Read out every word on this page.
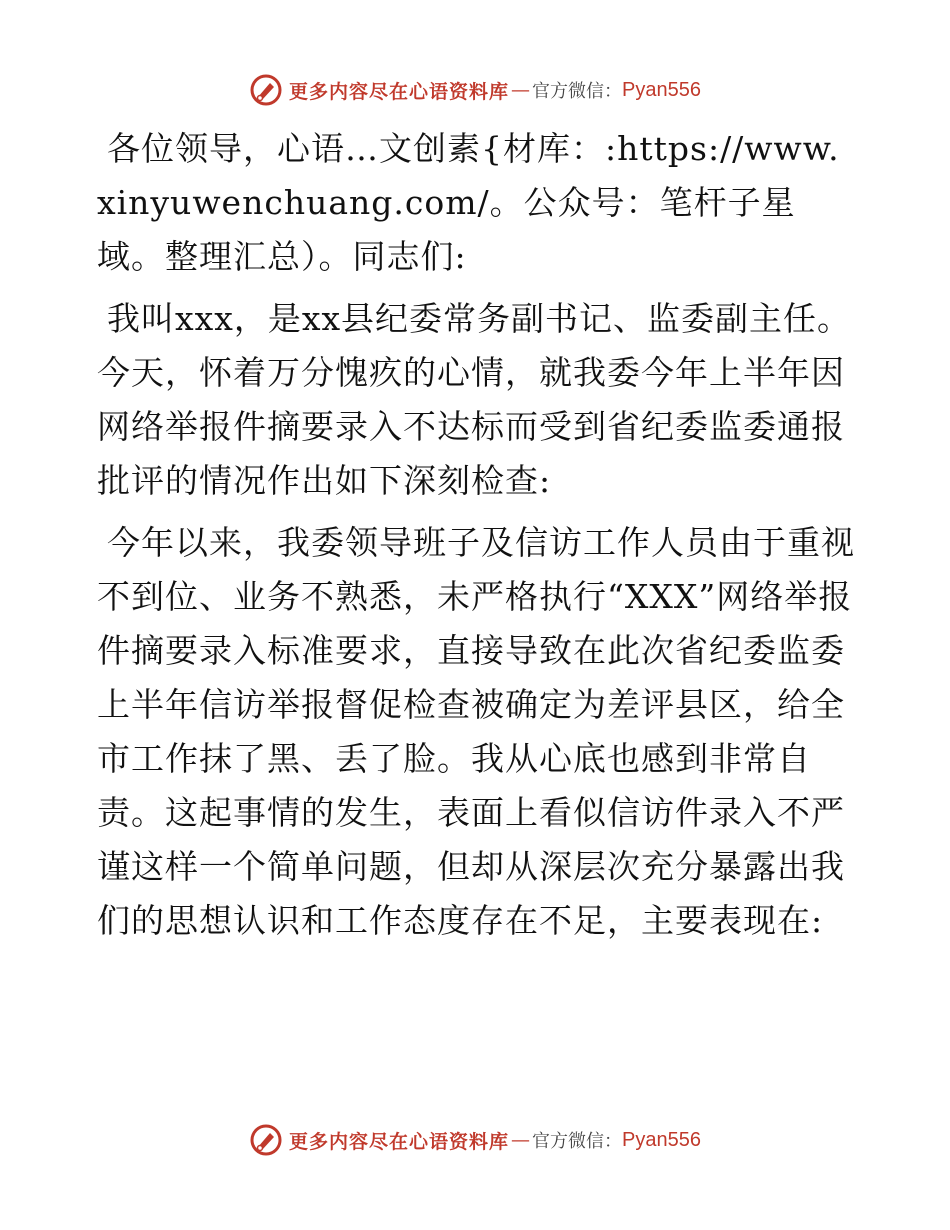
更多内容尽在心语资料库 — 官方微信： Pyan556

各位领导，心语…文创素{材库：:https://www.xinyuwenchuang.com/。公众号：笔杆子星域。整理汇总）。同志们:

我叫xxx，是xx县纪委常务副书记、监委副主任。今天，怀着万分愧疚的心情，就我委今年上半年因网络举报件摘要录入不达标而受到省纪委监委通报批评的情况作出如下深刻检查:

今年以来，我委领导班子及信访工作人员由于重视不到位、业务不熟悉，未严格执行“XXX”网络举报件摘要录入标准要求，直接导致在此次省纪委监委上半年信访举报督促检查被确定为差评县区，给全市工作抹了黑、丢了脸。我从心底也感到非常自责。这起事情的发生，表面上看似信访件录入不严谨这样一个简单问题，但却从深层次充分暴露出我们的思想认识和工作态度存在不足，主要表现在:

更多内容尽在心语资料库 — 官方微信： Pyan556
